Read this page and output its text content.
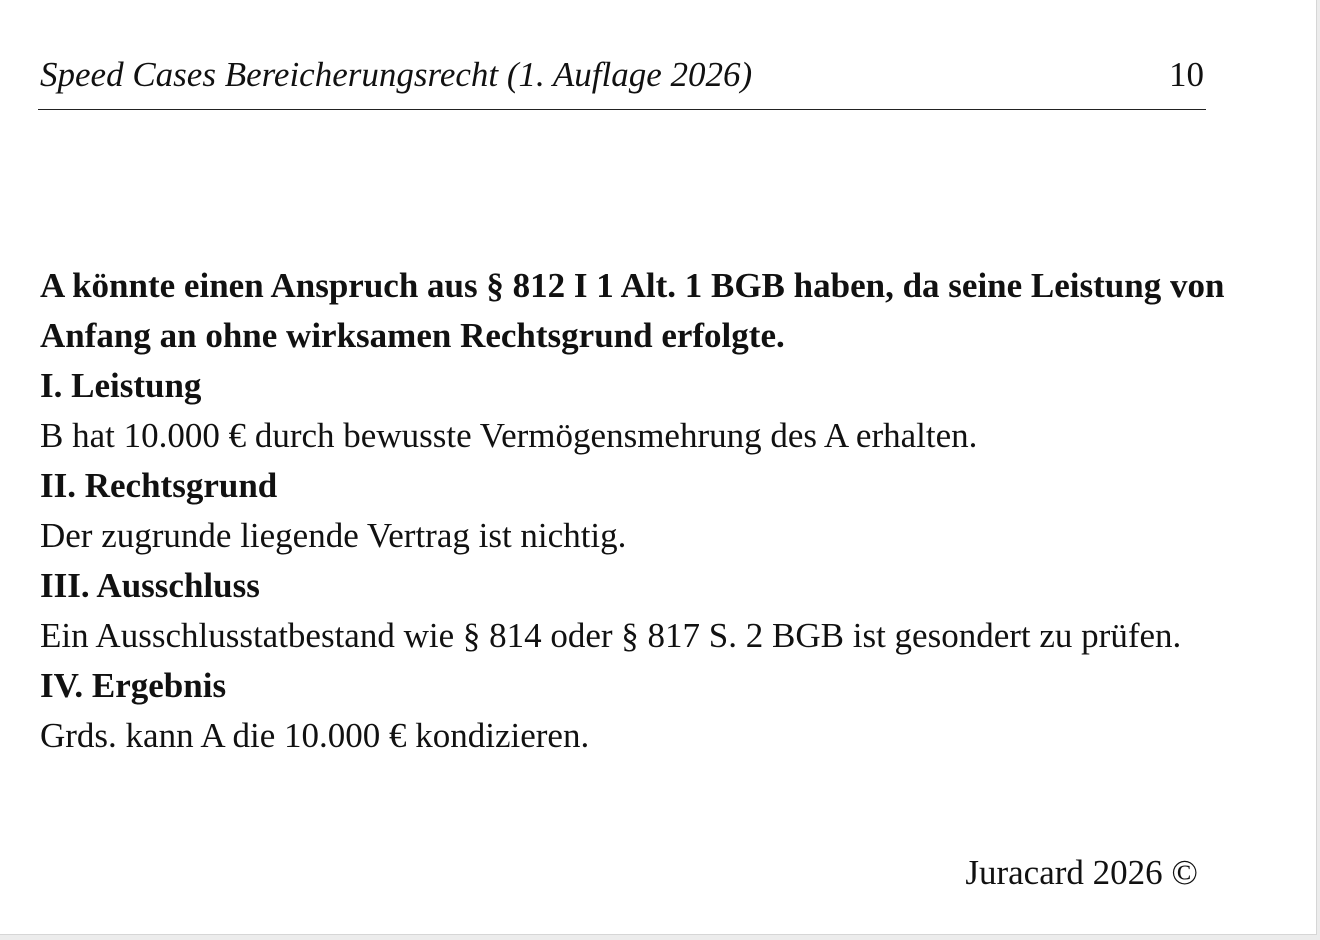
Speed Cases Bereicherungsrecht (1. Auflage 2026)	10

A könnte einen Anspruch aus § 812 I 1 Alt. 1 BGB haben, da seine Leistung von Anfang an ohne wirksamen Rechtsgrund erfolgte.

I. Leistung

B hat 10.000 € durch bewusste Vermögensmehrung des A erhalten.

II. Rechtsgrund

Der zugrunde liegende Vertrag ist nichtig.

III. Ausschluss

Ein Ausschlusstatbestand wie § 814 oder § 817 S. 2 BGB ist gesondert zu prüfen.

IV. Ergebnis

Grds. kann A die 10.000 € kondizieren.

Juracard 2026 ©
